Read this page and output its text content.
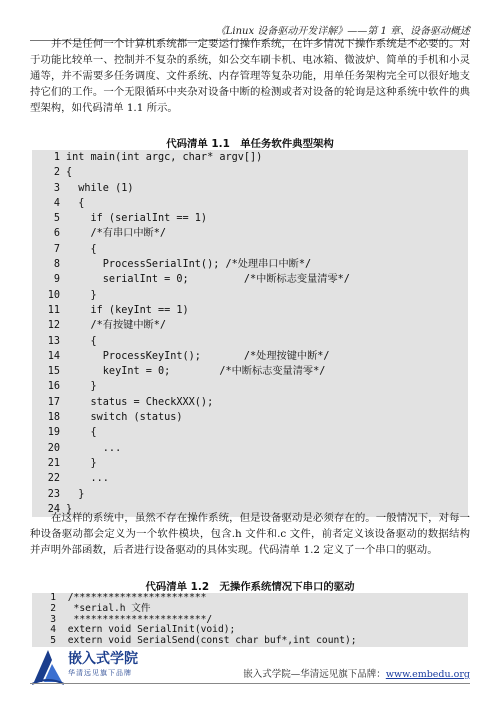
《Linux 设备驱动开发详解》——第 1 章、设备驱动概述
并不是任何一个计算机系统都一定要运行操作系统，在许多情况下操作系统是不必要的。对于功能比较单一、控制并不复杂的系统，如公交车刷卡机、电冰箱、微波炉、简单的手机和小灵通等，并不需要多任务调度、文件系统、内存管理等复杂功能，用单任务架构完全可以很好地支持它们的工作。一个无限循环中夹杂对设备中断的检测或者对设备的轮询是这种系统中软件的典型架构，如代码清单 1.1 所示。
代码清单 1.1　单任务软件典型架构
1 int main(int argc, char* argv[])
2 {
3 while (1)
4 {
5 if (serialInt == 1)
6 /*有串口中断*/
7 {
8 ProcessSerialInt(); /*处理串口中断*/
9 serialInt = 0;         /*中断标志变量清零*/
10 }
11 if (keyInt == 1)
12 /*有按键中断*/
13 {
14 ProcessKeyInt();       /*处理按键中断*/
15 keyInt = 0;        /*中断标志变量清零*/
16 }
17 status = CheckXXX();
18 switch (status)
19 {
20 ...
21 }
22 ...
23 }
24 }
在这样的系统中，虽然不存在操作系统，但是设备驱动是必须存在的。一般情况下，对每一种设备驱动都会定义为一个软件模块，包含.h 文件和.c 文件，前者定义该设备驱动的数据结构并声明外部函数，后者进行设备驱动的具体实现。代码清单 1.2 定义了一个串口的驱动。
代码清单 1.2　无操作系统情况下串口的驱动
1 /***********************
2 *serial.h 文件
3 ***********************/
4 extern void SerialInit(void);
5 extern void SerialSend(const char buf*,int count);
嵌入式学院
华清远见旗下品牌	嵌入式学院—华清远见旗下品牌：www.embedu.org
